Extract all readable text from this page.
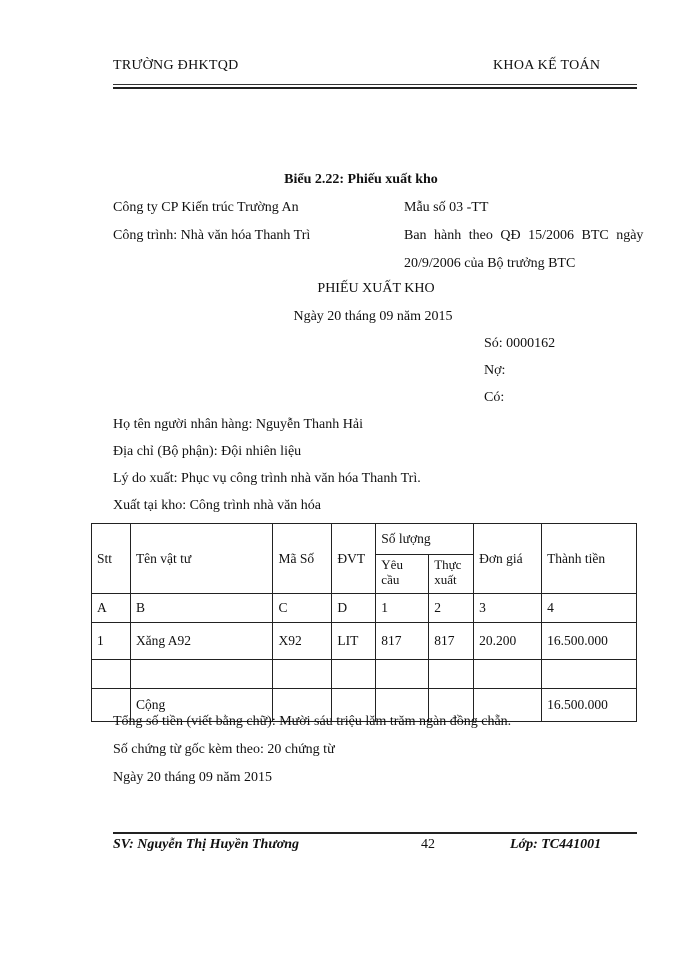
TRƯỜNG ĐHKTQD	KHOA KẾ TOÁN
Biểu 2.22: Phiếu xuất kho
Công ty CP Kiến trúc Trường An	Mẫu số 03 -TT
Công trình: Nhà văn hóa Thanh Trì	Ban hành theo QĐ 15/2006 BTC ngày
20/9/2006 của Bộ trưởng BTC
PHIẾU XUẤT KHO
Ngày 20 tháng 09 năm 2015
Só: 0000162
Nợ:
Có:
Họ tên người nhân hàng: Nguyễn Thanh Hải
Địa chỉ (Bộ phận): Đội nhiên liệu
Lý do xuất: Phục vụ công trình nhà văn hóa Thanh Trì.
Xuất tại kho: Công trình nhà văn hóa
Stt	Tên vật tư	Mã Số	ĐVT	Số lượng		Đơn giá	Thành tiền
				Yêu cầu	Thực xuất		
A	B	C	D	1	2	3	4
1	Xăng A92	X92	LIT	817	817	20.200	16.500.000

	Cộng						16.500.000
Tổng số tiền (viết bằng chữ): Mười sáu triệu lăm trăm ngàn đồng chẵn.
Số chứng từ gốc kèm theo: 20 chứng từ
Ngày 20 tháng 09 năm 2015
SV: Nguyễn Thị Huyền Thương	42	Lớp: TC441001
